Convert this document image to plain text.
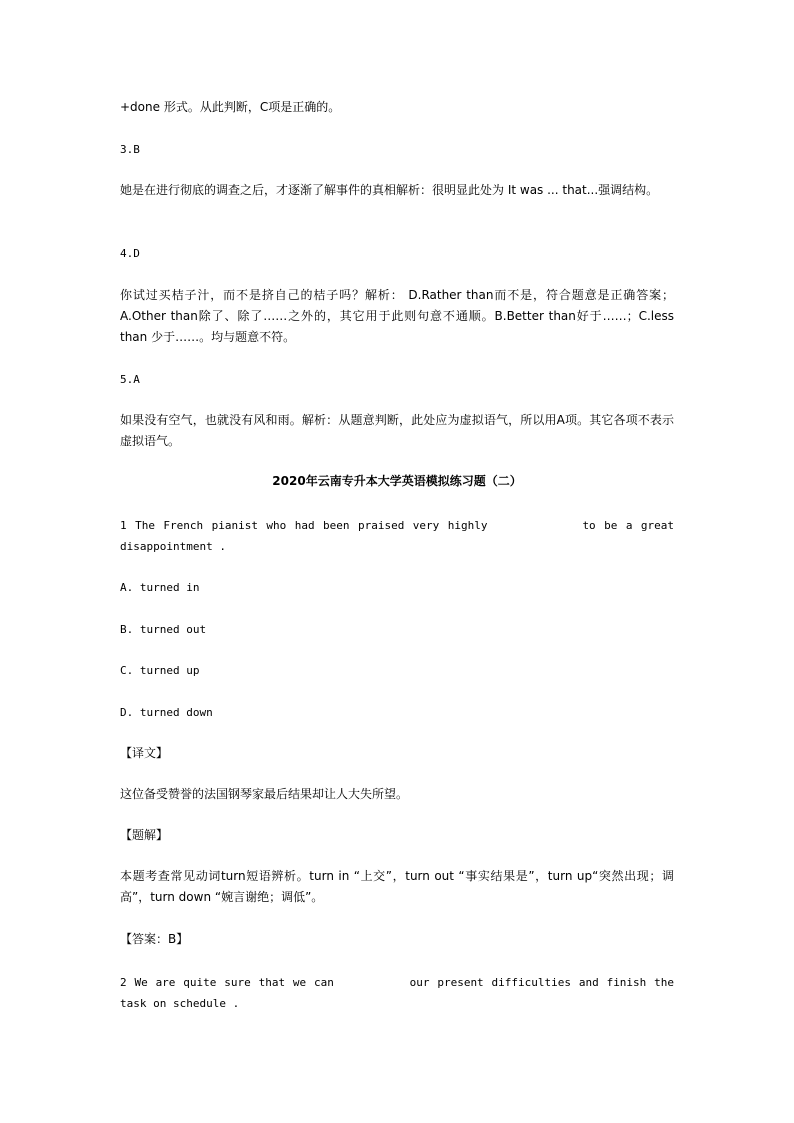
+done 形式。从此判断，C项是正确的。
3.B
她是在进行彻底的调查之后，才逐渐了解事件的真相解析：很明显此处为 It was ... that...强调结构。
4.D
你试过买桔子汁，而不是挤自己的桔子吗？解析： D.Rather than而不是，符合题意是正确答案； A.Other than除了、除了……之外的，其它用于此则句意不通顺。B.Better than好于……；C.less than 少于……。均与题意不符。
5.A
如果没有空气，也就没有风和雨。解析：从题意判断，此处应为虚拟语气，所以用A项。其它各项不表示虚拟语气。
2020年云南专升本大学英语模拟练习题（二）
1 The French pianist who had been praised very highly	to be a great disappointment .
A. turned in
B. turned out
C. turned up
D. turned down
【译文】
这位备受赞誉的法国钢琴家最后结果却让人大失所望。
【题解】
本题考查常见动词turn短语辨析。turn in “上交”，turn out “事实结果是”，turn up“突然出现；调高”，turn down “婉言谢绝；调低”。
【答案：B】
2 We are quite sure that we can	our present difficulties and finish the task on schedule .
